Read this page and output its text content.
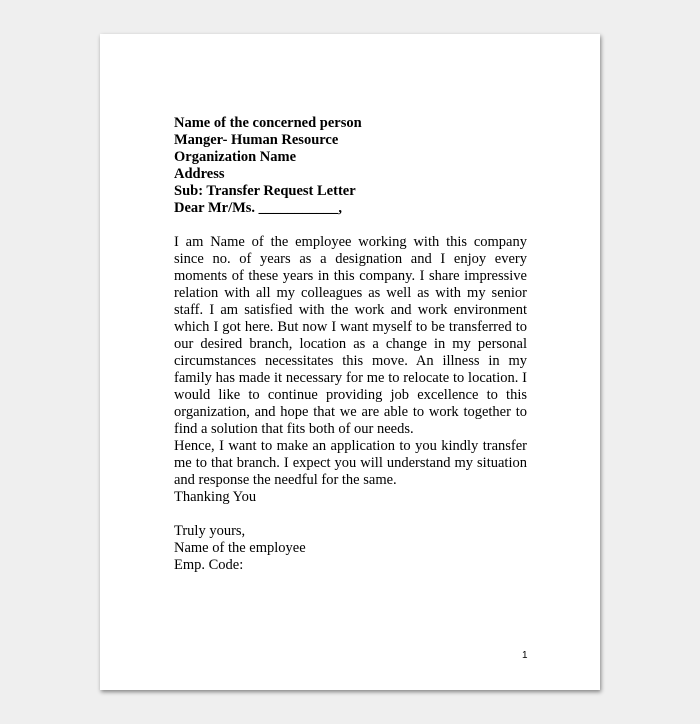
Name of the concerned person
Manger- Human Resource
Organization Name
Address
Sub: Transfer Request Letter
Dear Mr/Ms. ___________,

I am Name of the employee working with this company since no. of years as a designation and I enjoy every moments of these years in this company. I share impressive relation with all my colleagues as well as with my senior staff. I am satisfied with the work and work environment which I got here. But now I want myself to be transferred to our desired branch, location as a change in my personal circumstances necessitates this move. An illness in my family has made it necessary for me to relocate to location. I would like to continue providing job excellence to this organization, and hope that we are able to work together to find a solution that fits both of our needs.

Hence, I want to make an application to you kindly transfer me to that branch. I expect you will understand my situation and response the needful for the same.

Thanking You

Truly yours,
Name of the employee
Emp. Code:
1
